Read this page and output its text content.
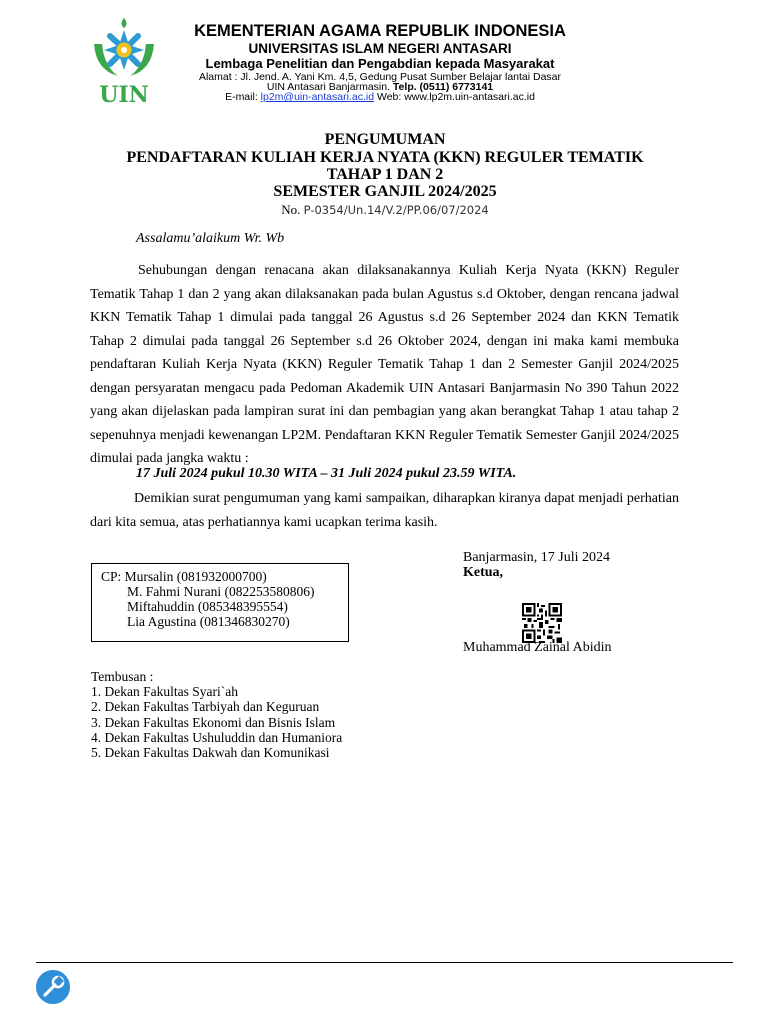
UIN
KEMENTERIAN AGAMA REPUBLIK INDONESIA
UNIVERSITAS ISLAM NEGERI ANTASARI
Lembaga Penelitian dan Pengabdian kepada Masyarakat
Alamat : Jl. Jend. A. Yani Km. 4,5, Gedung Pusat Sumber Belajar lantai Dasar
UIN Antasari Banjarmasin. Telp. (0511) 6773141
E-mail: lp2m@uin-antasari.ac.id Web: www.lp2m.uin-antasari.ac.id
PENGUMUMAN
PENDAFTARAN KULIAH KERJA NYATA (KKN) REGULER TEMATIK
TAHAP 1 DAN 2
SEMESTER GANJIL 2024/2025
No. P-0354/Un.14/V.2/PP.06/07/2024
Assalamu’alaikum Wr. Wb
Sehubungan dengan renacana akan dilaksanakannya Kuliah Kerja Nyata (KKN) Reguler Tematik Tahap 1 dan 2 yang akan dilaksanakan pada bulan Agustus s.d Oktober, dengan rencana jadwal KKN Tematik Tahap 1 dimulai pada tanggal 26 Agustus s.d 26 September 2024 dan KKN Tematik Tahap 2 dimulai pada tanggal 26 September s.d 26 Oktober 2024, dengan ini maka kami membuka pendaftaran Kuliah Kerja Nyata (KKN) Reguler Tematik Tahap 1 dan 2 Semester Ganjil 2024/2025 dengan persyaratan mengacu pada Pedoman Akademik UIN Antasari Banjarmasin No 390 Tahun 2022 yang akan dijelaskan pada lampiran surat ini dan pembagian yang akan berangkat Tahap 1 atau tahap 2 sepenuhnya menjadi kewenangan LP2M. Pendaftaran KKN Reguler Tematik Semester Ganjil 2024/2025 dimulai pada jangka waktu :
17 Juli 2024 pukul 10.30 WITA – 31 Juli 2024 pukul 23.59 WITA.
Demikian surat pengumuman yang kami sampaikan, diharapkan kiranya dapat menjadi perhatian dari kita semua, atas perhatiannya kami ucapkan terima kasih.
Banjarmasin, 17 Juli 2024
Ketua,
Muhammad Zainal Abidin
CP: Mursalin (081932000700)
M. Fahmi Nurani (082253580806)
Miftahuddin (085348395554)
Lia Agustina (081346830270)
Tembusan :
1. Dekan Fakultas Syari`ah
2. Dekan Fakultas Tarbiyah dan Keguruan
3. Dekan Fakultas Ekonomi dan Bisnis Islam
4. Dekan Fakultas Ushuluddin dan Humaniora
5. Dekan Fakultas Dakwah dan Komunikasi
